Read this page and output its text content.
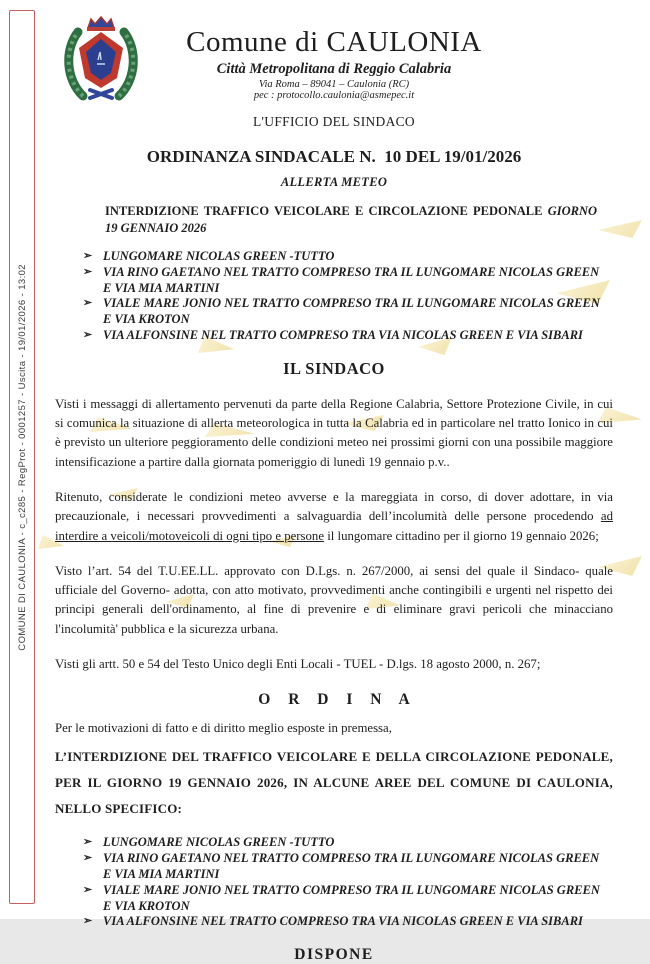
COMUNE DI CAULONIA - c_c285 - RegProt - 0001257 - Uscita - 19/01/2026 - 13:02
Comune di CAULONIA

Città Metropolitana di Reggio Calabria

Via Roma – 89041 – Caulonia (RC)

pec : protocollo.caulonia@asmepec.it

L'UFFICIO DEL SINDACO

ORDINANZA SINDACALE N.  10 DEL 19/01/2026

ALLERTA METEO

INTERDIZIONE TRAFFICO VEICOLARE E CIRCOLAZIONE PEDONALE GIORNO 19 GENNAIO 2026

➢ LUNGOMARE NICOLAS GREEN -TUTTO
➢ VIA RINO GAETANO NEL TRATTO COMPRESO TRA IL LUNGOMARE NICOLAS GREEN E VIA MIA MARTINI
➢ VIALE MARE JONIO NEL TRATTO COMPRESO TRA IL LUNGOMARE NICOLAS GREEN E VIA KROTON
➢ VIA ALFONSINE NEL TRATTO COMPRESO TRA VIA NICOLAS GREEN E VIA SIBARI
IL SINDACO

Visti i messaggi di allertamento pervenuti da parte della Regione Calabria, Settore Protezione Civile, in cui si comunica la situazione di allerta meteorologica in tutta la Calabria ed in particolare nel tratto Ionico in cui è previsto un ulteriore peggioramento delle condizioni meteo nei prossimi giorni con una possibile maggiore intensificazione a partire dalla giornata pomeriggio di lunedì 19 gennaio p.v..

Ritenuto, considerate le condizioni meteo avverse e la mareggiata in corso, di dover adottare, in via precauzionale, i necessari provvedimenti a salvaguardia dell’incolumità delle persone procedendo ad interdire a veicoli/motoveicoli di ogni tipo e persone il lungomare cittadino per il giorno 19 gennaio 2026;

Visto l’art. 54 del T.U.EE.LL. approvato con D.Lgs. n. 267/2000, ai sensi del quale il Sindaco- quale ufficiale del Governo- adotta, con atto motivato, provvedimenti anche contingibili e urgenti nel rispetto dei principi generali dell'ordinamento, al fine di prevenire e di eliminare gravi pericoli che minacciano l'incolumità' pubblica e la sicurezza urbana.

Visti gli artt. 50 e 54 del Testo Unico degli Enti Locali - TUEL - D.lgs. 18 agosto 2000, n. 267;

O R D I N A

Per le motivazioni di fatto e di diritto meglio esposte in premessa,

L’INTERDIZIONE DEL TRAFFICO VEICOLARE E DELLA CIRCOLAZIONE PEDONALE, PER IL GIORNO 19 GENNAIO 2026, IN ALCUNE AREE DEL COMUNE DI CAULONIA, NELLO SPECIFICO:

➢ LUNGOMARE NICOLAS GREEN -TUTTO
➢ VIA RINO GAETANO NEL TRATTO COMPRESO TRA IL LUNGOMARE NICOLAS GREEN E VIA MIA MARTINI
➢ VIALE MARE JONIO NEL TRATTO COMPRESO TRA IL LUNGOMARE NICOLAS GREEN E VIA KROTON
➢ VIA ALFONSINE NEL TRATTO COMPRESO TRA VIA NICOLAS GREEN E VIA SIBARI
DISPONE
